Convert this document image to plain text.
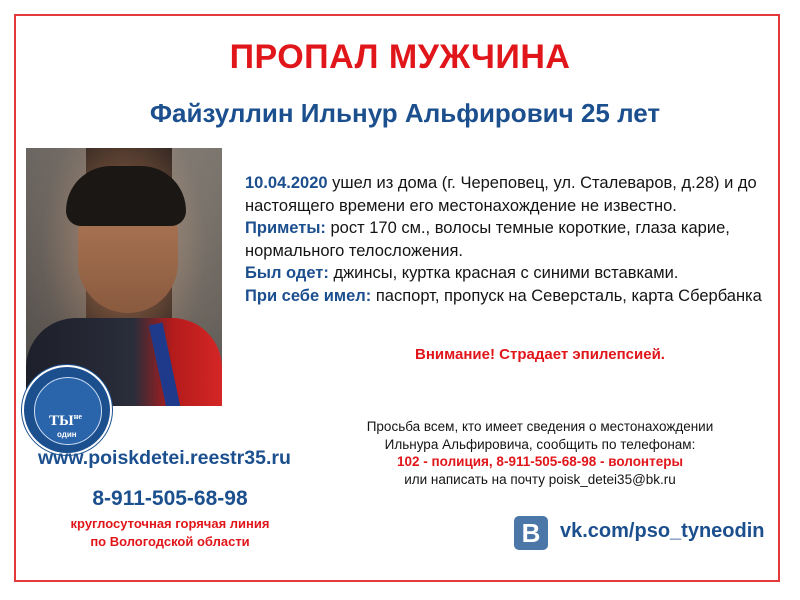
ПРОПАЛ МУЖЧИНА
Файзуллин Ильнур Альфирович 25 лет
$ТЫ^{не}$
один
www.poiskdetei.reestr35.ru
8-911-505-68-98
круглосуточная горячая линия
по Вологодской области

10.04.2020 ушел из дома (г. Череповец, ул. Сталеваров, д.28) и до настоящего времени его местонахождение не известно.

Приметы: рост 170 см., волосы темные короткие, глаза карие, нормального телосложения.

Был одет: джинсы, куртка красная с синими вставками.

При себе имел: паспорт, пропуск на Северсталь, карта Сбербанка

Внимание! Страдает эпилепсией.
Просьба всем, кто имеет сведения о местонахождении
Ильнура Альфировича, сообщить по телефонам:
102 - полиция, 8-911-505-68-98 - волонтеры
или написать на почту poisk_detei35@bk.ru
В vk.com/pso_tyneodin
